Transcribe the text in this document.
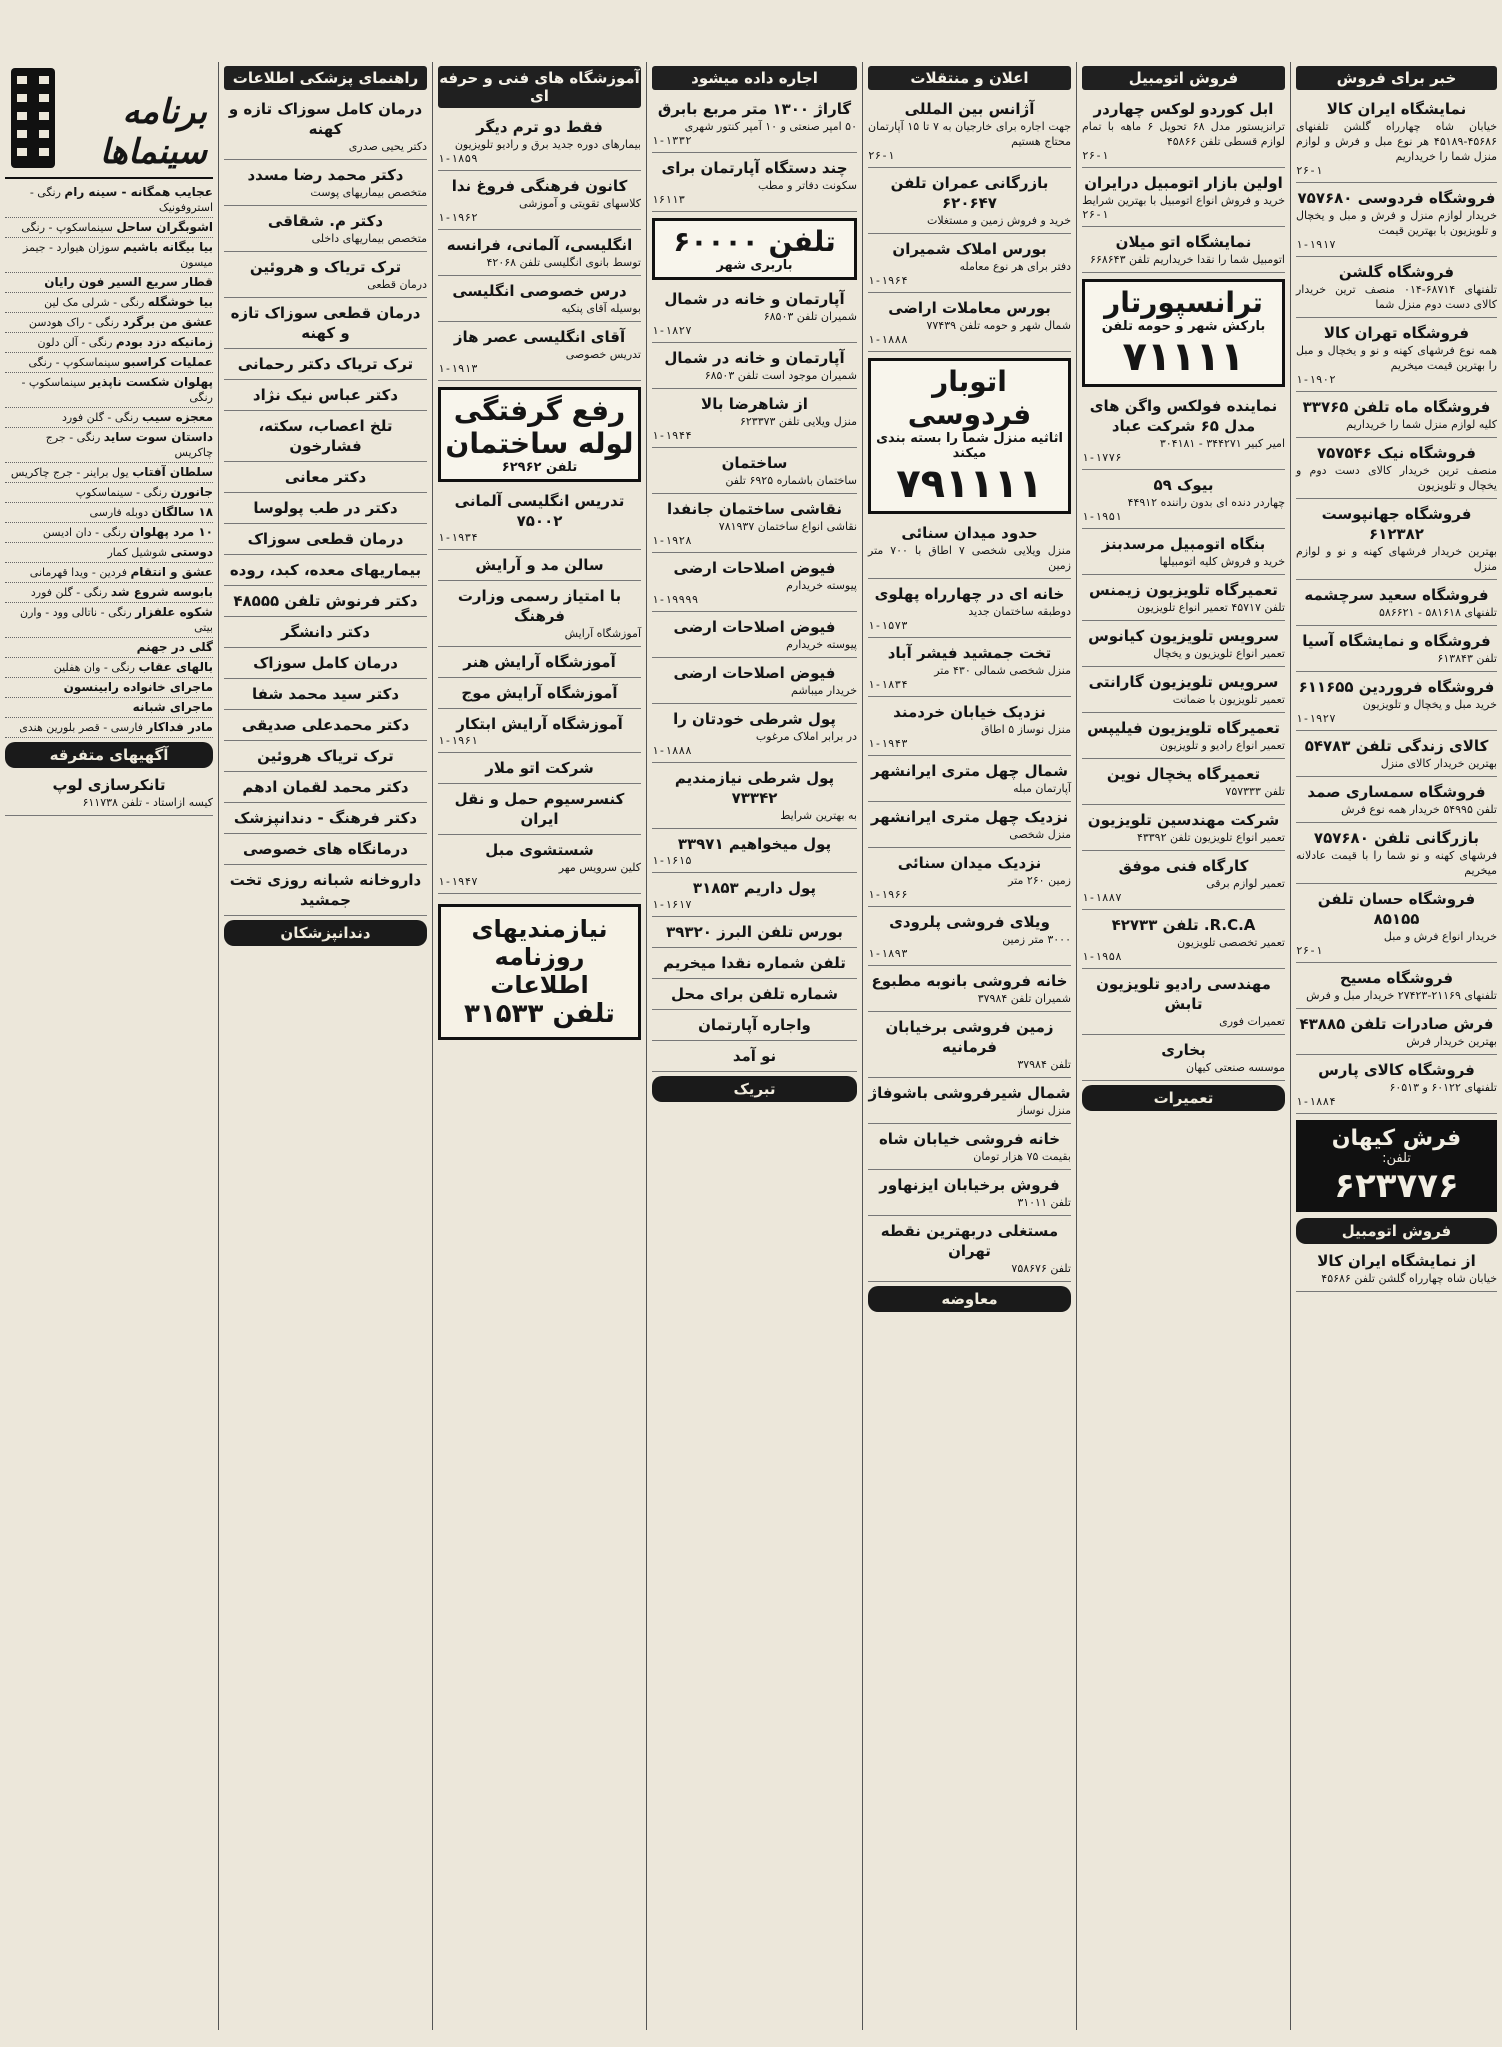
خبر برای فروش
نمایشگاه ایران کالا
خیابان شاه چهارراه گلشن تلفنهای ۴۵۶۸۶-۴۵۱۸۹ هر نوع مبل و فرش و لوازم منزل شما را خریداریم
۲۶-۱
فروشگاه فردوسی ۷۵۷۶۸۰
خریدار لوازم منزل و فرش و مبل و یخچال و تلویزیون با بهترین قیمت
۱-۱۹۱۷
فروشگاه گلشن
تلفنهای ۶۸۷۱۴-۰۱۴ منصف ترین خریدار کالای دست دوم منزل شما
فروشگاه تهران کالا
همه نوع فرشهای کهنه و نو و یخچال و مبل را بهترین قیمت میخریم
۱-۱۹۰۲
فروشگاه ماه تلفن ۳۳۷۶۵
کلیه لوازم منزل شما را خریداریم
فروشگاه نیک ۷۵۷۵۴۶
منصف ترین خریدار کالای دست دوم و یخچال و تلویزیون
فروشگاه جهانپوست ۶۱۲۳۸۲
بهترین خریدار فرشهای کهنه و نو و لوازم منزل
فروشگاه سعید سرچشمه
تلفنهای ۵۸۱۶۱۸ - ۵۸۶۶۲۱
فروشگاه و نمایشگاه آسیا
تلفن ۶۱۳۸۴۳
فروشگاه فروردین ۶۱۱۶۵۵
خرید مبل و یخچال و تلویزیون
۱-۱۹۲۷
کالای زندگی تلفن ۵۴۷۸۳
بهترین خریدار کالای منزل
فروشگاه سمساری صمد
تلفن ۵۴۹۹۵ خریدار همه نوع فرش
بازرگانی تلفن ۷۵۷۶۸۰
فرشهای کهنه و نو شما را با قیمت عادلانه میخریم
فروشگاه حسان تلفن ۸۵۱۵۵
خریدار انواع فرش و مبل
۲۶-۱
فروشگاه مسیح
تلفنهای ۲۱۱۶۹-۲۷۴۲۳ خریدار مبل و فرش
فرش صادرات تلفن ۴۳۸۸۵
بهترین خریدار فرش
فروشگاه کالای پارس
تلفنهای ۶۰۱۲۲ و ۶۰۵۱۳
۱-۱۸۸۴
فرش کیهان
تلفن:
۶۲۳۷۷۶
فروش اتومبیل
از نمایشگاه ایران کالا
خیابان شاه چهارراه گلشن تلفن ۴۵۶۸۶
فروش اتومبیل
ابل کوردو لوکس چهاردر
ترانزیستور مدل ۶۸ تحویل ۶ ماهه با تمام لوازم قسطی تلفن ۴۵۸۶۶
۲۶-۱
اولین بازار اتومبیل درایران
خرید و فروش انواع اتومبیل با بهترین شرایط
۲۶-۱
نمایشگاه اتو میلان
اتومبیل شما را نقدا خریداریم تلفن ۶۶۸۶۴۳
ترانسپورتار
بارکش شهر و حومه تلفن
۷۱۱۱۱
نماینده فولکس واگن های مدل ۶۵ شرکت عباد
امیر کبیر ۳۴۴۲۷۱ - ۳۰۴۱۸۱
۱-۱۷۷۶
بیوک ۵۹
چهاردر دنده ای بدون راننده ۴۴۹۱۲
۱-۱۹۵۱
بنگاه اتومبیل مرسدبنز
خرید و فروش کلیه اتومبیلها
تعمیرگاه تلویزیون زیمنس
تلفن ۴۵۷۱۷ تعمیر انواع تلویزیون
سرویس تلویزیون کیانوس
تعمیر انواع تلویزیون و یخچال
سرویس تلویزیون گارانتی
تعمیر تلویزیون با ضمانت
تعمیرگاه تلویزیون فیلیپس
تعمیر انواع رادیو و تلویزیون
تعمیرگاه یخچال نوین
تلفن ۷۵۷۳۳۳
شرکت مهندسین تلویزیون
تعمیر انواع تلویزیون تلفن ۴۳۳۹۲
کارگاه فنی موفق
تعمیر لوازم برقی
۱-۱۸۸۷
R.C.A. تلفن ۴۲۷۳۳
تعمیر تخصصی تلویزیون
۱-۱۹۵۸
مهندسی رادیو تلویزیون تابش
تعمیرات فوری
بخاری
موسسه صنعتی کیهان
تعمیرات
اعلان و منتقلات
آژانس بین المللی
جهت اجاره برای خارجیان به ۷ تا ۱۵ آپارتمان محتاج هستیم
۲۶-۱
بازرگانی عمران تلفن ۶۲۰۶۴۷
خرید و فروش زمین و مستغلات
بورس املاک شمیران
دفتر برای هر نوع معامله
۱-۱۹۶۴
بورس معاملات اراضی
شمال شهر و حومه تلفن ۷۷۴۳۹
۱-۱۸۸۸
اتوبار فردوسی
اثاثیه منزل شما را بسته بندی میکند
۷۹۱۱۱۱
حدود میدان سنائی
منزل ویلایی شخصی ۷ اطاق با ۷۰۰ متر زمین
خانه ای در چهارراه پهلوی
دوطبقه ساختمان جدید
۱-۱۵۷۳
تخت جمشید فیشر آباد
منزل شخصی شمالی ۴۳۰ متر
۱-۱۸۳۴
نزدیک خیابان خردمند
منزل نوساز ۵ اطاق
۱-۱۹۴۳
شمال چهل متری ایرانشهر
آپارتمان مبله
نزدیک چهل متری ایرانشهر
منزل شخصی
نزدیک میدان سنائی
زمین ۲۶۰ متر
۱-۱۹۶۶
ویلای فروشی پلرودی
۳۰۰۰ متر زمین
۱-۱۸۹۳
خانه فروشی بانوبه مطبوع
شمیران تلفن ۳۷۹۸۴
زمین فروشی برخیابان فرمانیه
تلفن ۳۷۹۸۴
شمال شیرفروشی باشوفاژ
منزل نوساز
خانه فروشی خیابان شاه
بقیمت ۷۵ هزار تومان
فروش برخیابان ایزنهاور
تلفن ۳۱۰۱۱
مستغلی دربهترین نقطه تهران
تلفن ۷۵۸۶۷۶
معاوضه
اجاره داده میشود
گاراژ ۱۳۰۰ متر مربع بابرق
۵۰ امپر صنعتی و ۱۰ آمپر کنتور شهری
۱-۱۳۳۲
چند دستگاه آپارتمان برای
سکونت دفاتر و مطب
۱۶۱۱۳
تلفن ۶۰۰۰۰
باربری شهر
آپارتمان و خانه در شمال
شمیران تلفن ۶۸۵۰۳
۱-۱۸۲۷
آپارتمان و خانه در شمال
شمیران موجود است تلفن ۶۸۵۰۳
از شاهرضا بالا
منزل ویلایی تلفن ۶۲۳۳۷۳
۱-۱۹۴۴
ساختمان
ساختمان باشماره ۶۹۲۵ تلفن
نقاشی ساختمان جانفدا
نقاشی انواع ساختمان ۷۸۱۹۳۷
۱-۱۹۲۸
فیوض اصلاحات ارضی
پیوسته خریدارم
۱-۱۹۹۹۹
فیوض اصلاحات ارضی
پیوسته خریدارم
فیوض اصلاحات ارضی
خریدار میباشم
پول شرطی خودتان را
در برابر املاک مرغوب
۱-۱۸۸۸
پول شرطی نیازمندیم ۷۳۳۴۲
به بهترین شرایط
پول میخواهیم ۳۳۹۷۱
۱-۱۶۱۵
پول داریم ۳۱۸۵۳
۱-۱۶۱۷
بورس تلفن البرز ۳۹۳۲۰
تلفن شماره نقدا میخریم
شماره تلفن برای محل
واجاره آپارتمان
نو آمد
تبریک
آموزشگاه های فنی و حرفه ای
فقط دو ترم دیگر
بیمارهای دوره جدید برق و رادیو تلویزیون
۱-۱۸۵۹
کانون فرهنگی فروغ ندا
کلاسهای تقویتی و آموزشی
۱-۱۹۶۲
انگلیسی، آلمانی، فرانسه
توسط بانوی انگلیسی تلفن ۴۲۰۶۸
درس خصوصی انگلیسی
بوسیله آقای پنکیه
آقای انگلیسی عصر هاز
تدریس خصوصی
۱-۱۹۱۳
رفع گرفتگی لوله ساختمان
تلفن ۶۲۹۶۲
تدریس انگلیسی آلمانی ۷۵۰۰۲
۱-۱۹۳۴
سالن مد و آرایش
با امتیاز رسمی وزارت فرهنگ
آموزشگاه آرایش
آموزشگاه آرایش هنر
آموزشگاه آرایش موج
آموزشگاه آرایش ابتکار
۱-۱۹۶۱
شرکت اتو ملار
کنسرسیوم حمل و نقل ایران
شستشوی مبل
کلین سرویس مهر
۱-۱۹۴۷
نیازمندیهای روزنامه اطلاعات
تلفن ۳۱۵۳۳
راهنمای پزشکی اطلاعات
درمان کامل سوزاک تازه و کهنه
دکتر یحیی صدری
دکتر محمد رضا مسدد
متخصص بیماریهای پوست
دکتر م. شقاقی
متخصص بیماریهای داخلی
ترک تریاک و هروئین
درمان قطعی
درمان قطعی سوزاک تازه و کهنه
ترک تریاک دکتر رحمانی
دکتر عباس نیک نژاد
تلخ اعصاب، سکته، فشارخون
دکتر معانی
دکتر در طب پولوسا
درمان قطعی سوزاک
بیماریهای معده، کبد، روده
دکتر فرنوش تلفن ۴۸۵۵۵
دکتر دانشگر
درمان کامل سوزاک
دکتر سید محمد شفا
دکتر محمدعلی صدیقی
ترک تریاک هروئین
دکتر محمد لقمان ادهم
دکتر فرهنگ - دندانپزشک
درمانگاه های خصوصی
داروخانه شبانه روزی تخت جمشید
دندانپزشکان
برنامه سینماها
عجایب همگانه - سینه رام رنگی - استروفونیک
اشوبگران ساحل سینماسکوپ - رنگی
بیا بیگانه باشیم سوزان هیوارد - جیمز میسون
قطار سریع السیر فون رایان
بیا خوشگله رنگی - شرلی مک لین
عشق من برگرد رنگی - راک هودسن
زمانیکه دزد بودم رنگی - آلن دلون
عملیات کراسبو سینماسکوپ - رنگی
پهلوان شکست ناپذیر سینماسکوپ - رنگی
معجزه سیب رنگی - گلن فورد
داستان سوت ساید رنگی - جرج چاکریس
سلطان آفتاب یول براینر - جرج چاکریس
جانورن رنگی - سینماسکوپ
۱۸ سالگان دوبله فارسی
۱۰ مرد پهلوان رنگی - دان ادیسن
دوستی شوشیل کمار
عشق و انتقام فردین - ویدا قهرمانی
بابوسه شروع شد رنگی - گلن فورد
شکوه علفزار رنگی - ناتالی وود - وارن بیتی
گلی در جهنم
بالهای عقاب رنگی - وان هفلین
ماجرای خانواده رابینسون
ماجرای شبانه
مادر فداکار فارسی - قصر بلورین هندی
آگهیهای متفرقه
تانکرسازی لوپ
کیسه ازاستاد - تلفن ۶۱۱۷۳۸
